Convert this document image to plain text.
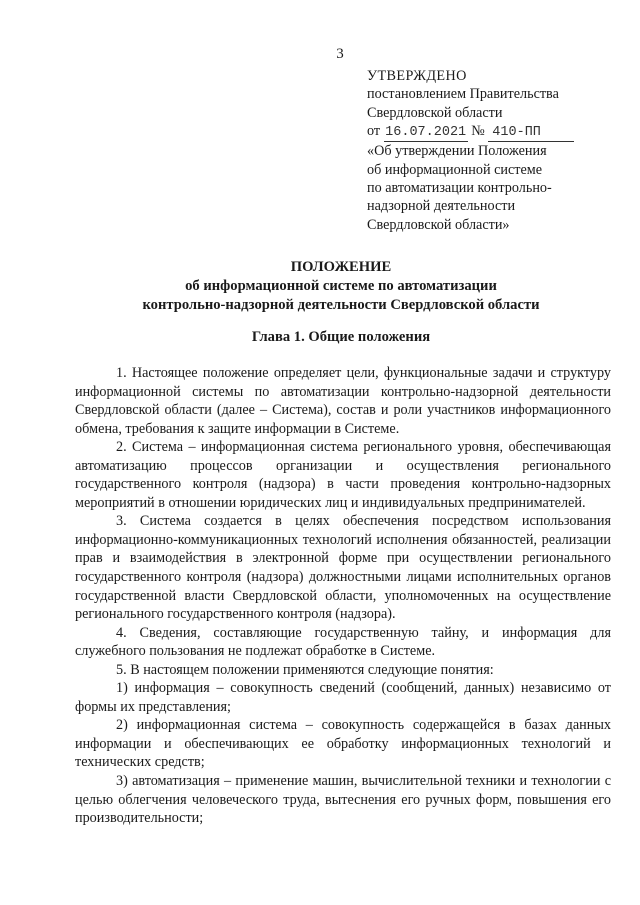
3
УТВЕРЖДЕНО
постановлением Правительства
Свердловской области
от 16.07.2021 № 410-ПП
«Об утверждении Положения
об информационной системе
по автоматизации контрольно-
надзорной деятельности
Свердловской области»
ПОЛОЖЕНИЕ
об информационной системе по автоматизации
контрольно-надзорной деятельности Свердловской области
Глава 1. Общие положения

1. Настоящее положение определяет цели, функциональные задачи и структуру информационной системы по автоматизации контрольно-надзорной деятельности Свердловской области (далее – Система), состав и роли участников информационного обмена, требования к защите информации в Системе.

2. Система – информационная система регионального уровня, обеспечивающая автоматизацию процессов организации и осуществления регионального государственного контроля (надзора) в части проведения контрольно-надзорных мероприятий в отношении юридических лиц и индивидуальных предпринимателей.

3. Система создается в целях обеспечения посредством использования информационно-коммуникационных технологий исполнения обязанностей, реализации прав и взаимодействия в электронной форме при осуществлении регионального государственного контроля (надзора) должностными лицами исполнительных органов государственной власти Свердловской области, уполномоченных на осуществление регионального государственного контроля (надзора).

4. Сведения, составляющие государственную тайну, и информация для служебного пользования не подлежат обработке в Системе.

5. В настоящем положении применяются следующие понятия:

1) информация – совокупность сведений (сообщений, данных) независимо от формы их представления;

2) информационная система – совокупность содержащейся в базах данных информации и обеспечивающих ее обработку информационных технологий и технических средств;

3) автоматизация – применение машин, вычислительной техники и технологии с целью облегчения человеческого труда, вытеснения его ручных форм, повышения его производительности;
